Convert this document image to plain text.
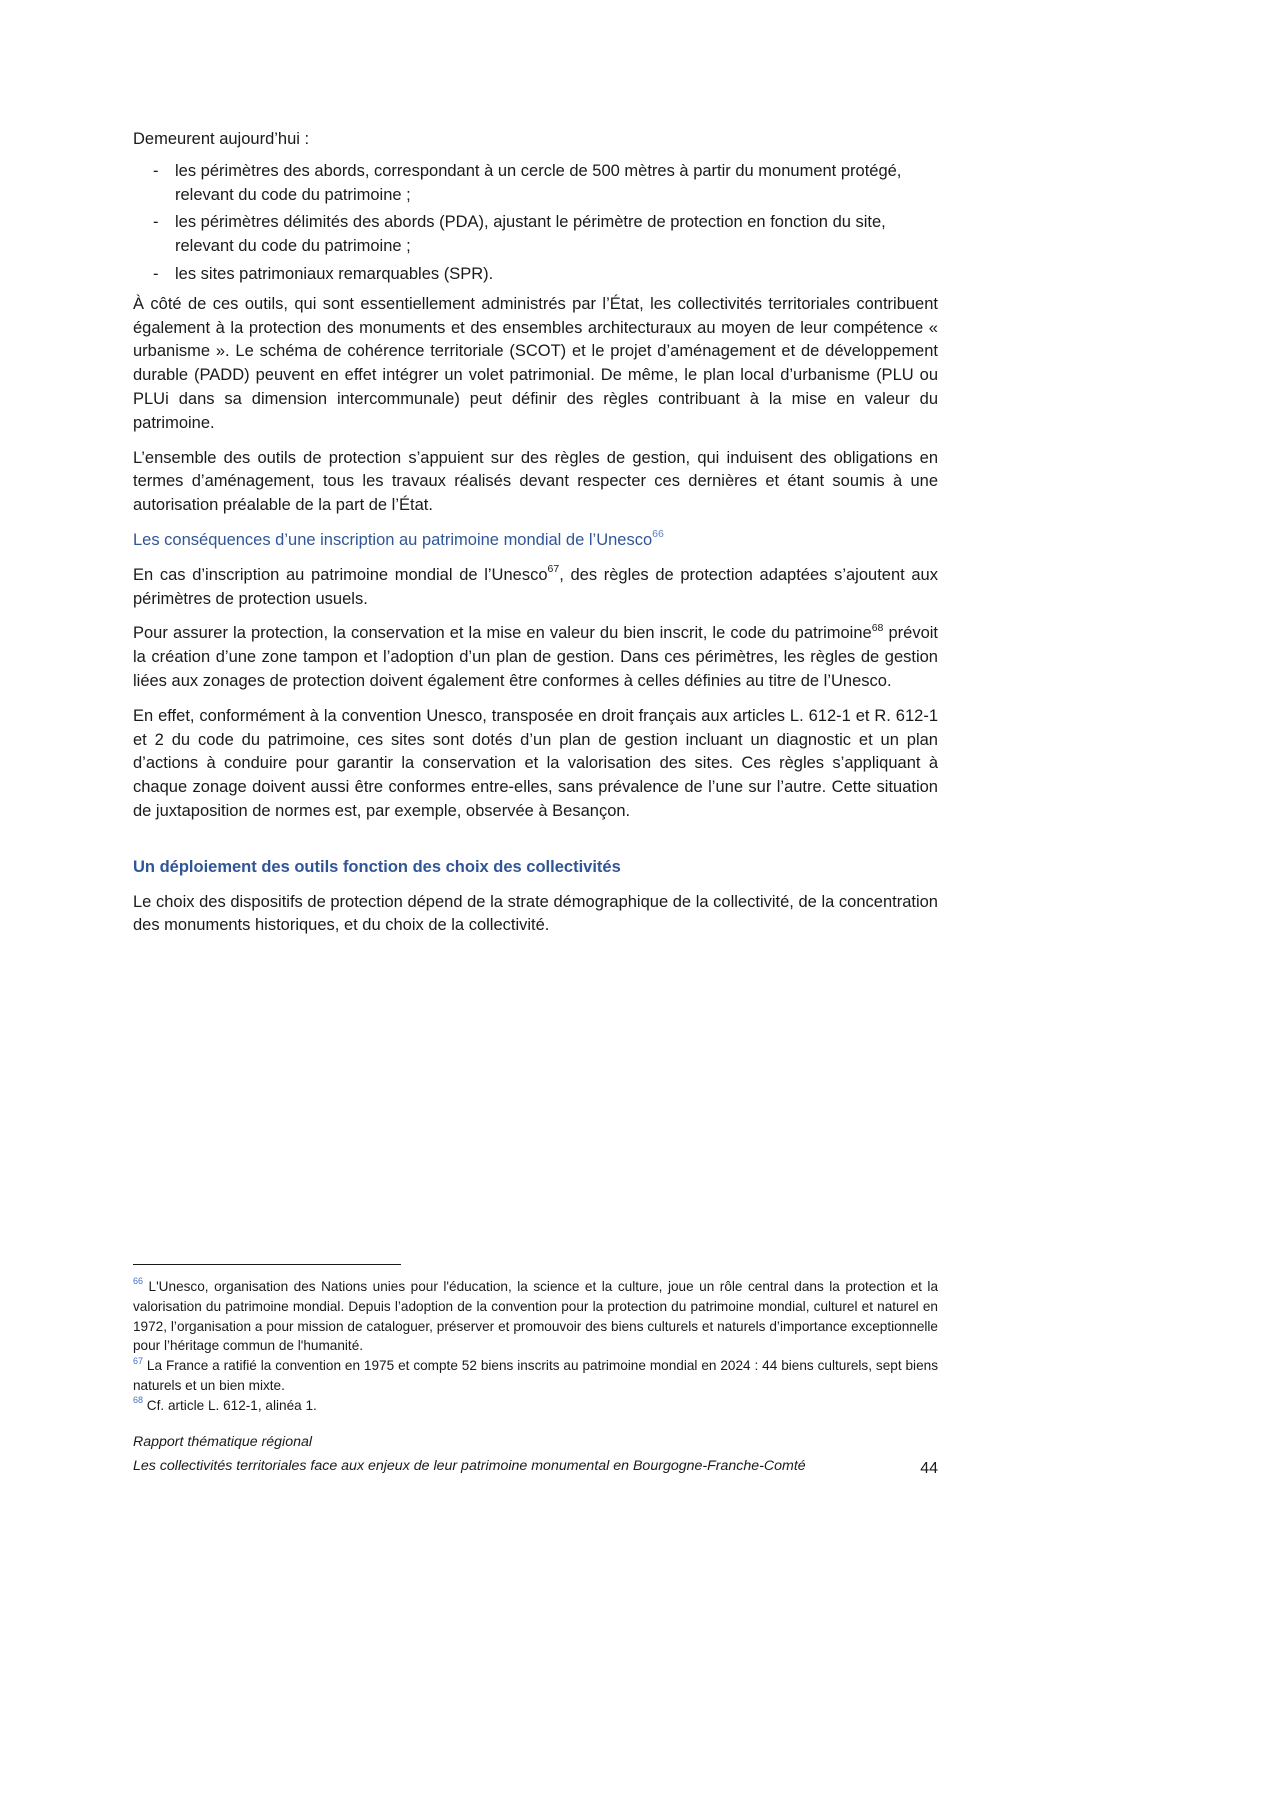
Demeurent aujourd’hui :

- les périmètres des abords, correspondant à un cercle de 500 mètres à partir du monument protégé, relevant du code du patrimoine ;
- les périmètres délimités des abords (PDA), ajustant le périmètre de protection en fonction du site, relevant du code du patrimoine ;
- les sites patrimoniaux remarquables (SPR).

À côté de ces outils, qui sont essentiellement administrés par l’État, les collectivités territoriales contribuent également à la protection des monuments et des ensembles architecturaux au moyen de leur compétence « urbanisme ». Le schéma de cohérence territoriale (SCOT) et le projet d’aménagement et de développement durable (PADD) peuvent en effet intégrer un volet patrimonial. De même, le plan local d’urbanisme (PLU ou PLUi dans sa dimension intercommunale) peut définir des règles contribuant à la mise en valeur du patrimoine.

L’ensemble des outils de protection s’appuient sur des règles de gestion, qui induisent des obligations en termes d’aménagement, tous les travaux réalisés devant respecter ces dernières et étant soumis à une autorisation préalable de la part de l’État.

Les conséquences d’une inscription au patrimoine mondial de l’Unesco$^{66}$

En cas d’inscription au patrimoine mondial de l’Unesco$^{67}$, des règles de protection adaptées s’ajoutent aux périmètres de protection usuels.

Pour assurer la protection, la conservation et la mise en valeur du bien inscrit, le code du patrimoine$^{68}$ prévoit la création d’une zone tampon et l’adoption d’un plan de gestion. Dans ces périmètres, les règles de gestion liées aux zonages de protection doivent également être conformes à celles définies au titre de l’Unesco.

En effet, conformément à la convention Unesco, transposée en droit français aux articles L. 612-1 et R. 612-1 et 2 du code du patrimoine, ces sites sont dotés d’un plan de gestion incluant un diagnostic et un plan d’actions à conduire pour garantir la conservation et la valorisation des sites. Ces règles s’appliquant à chaque zonage doivent aussi être conformes entre-elles, sans prévalence de l’une sur l’autre. Cette situation de juxtaposition de normes est, par exemple, observée à Besançon.

Un déploiement des outils fonction des choix des collectivités

Le choix des dispositifs de protection dépend de la strate démographique de la collectivité, de la concentration des monuments historiques, et du choix de la collectivité.

$^{66}$ L'Unesco, organisation des Nations unies pour l'éducation, la science et la culture, joue un rôle central dans la protection et la valorisation du patrimoine mondial. Depuis l’adoption de la convention pour la protection du patrimoine mondial, culturel et naturel en 1972, l’organisation a pour mission de cataloguer, préserver et promouvoir des biens culturels et naturels d’importance exceptionnelle pour l’héritage commun de l'humanité.

$^{67}$ La France a ratifié la convention en 1975 et compte 52 biens inscrits au patrimoine mondial en 2024 : 44 biens culturels, sept biens naturels et un bien mixte.

$^{68}$ Cf. article L. 612-1, alinéa 1.

Rapport thématique régional

Les collectivités territoriales face aux enjeux de leur patrimoine monumental en Bourgogne-Franche-Comté	44
